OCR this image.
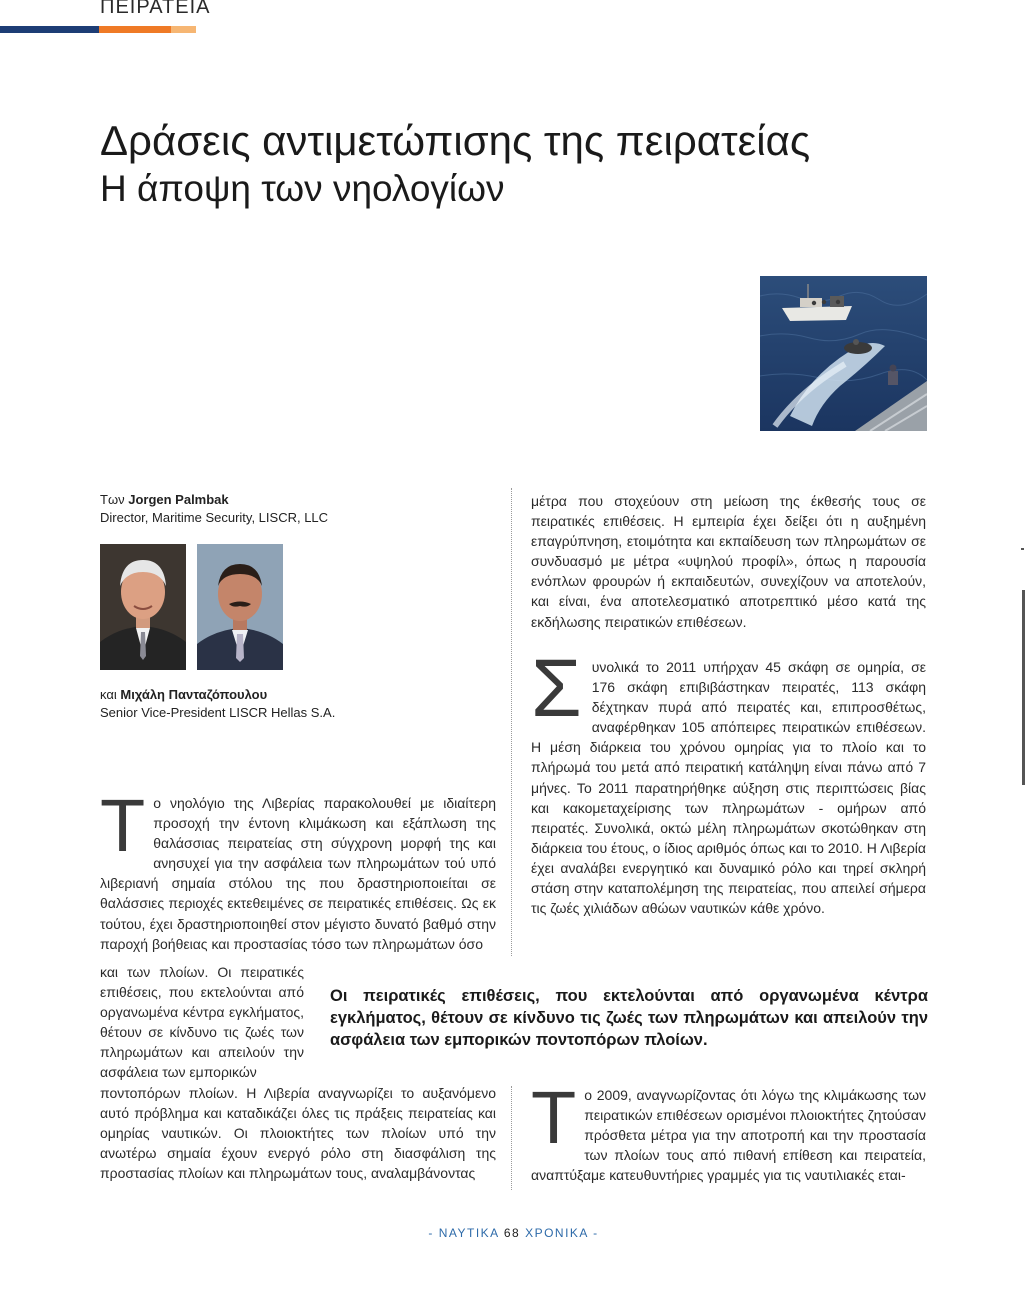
ΠΕΙΡΑΤΕΙΑ
Δράσεις αντιμετώπισης της πειρατείας
Η άποψη των νηολογίων
Των Jorgen Palmbak
Director, Maritime Security, LISCR, LLC
και Μιχάλη Πανταζόπουλου
Senior Vice-President LISCR Hellas S.A.

Το νηολόγιο της Λιβερίας παρακολουθεί με ιδιαίτερη προσοχή την έντονη κλιμάκωση και εξάπλωση της θαλάσσιας πειρατείας στη σύγχρονη μορφή της και ανησυχεί για την ασφάλεια των πληρωμάτων τού υπό λιβεριανή σημαία στόλου της που δραστηριοποιείται σε θαλάσσιες περιοχές εκτεθειμένες σε πειρατικές επιθέσεις. Ως εκ τούτου, έχει δραστηριοποιηθεί στον μέγιστο δυνατό βαθμό στην παροχή βοήθειας και προστασίας τόσο των πληρωμάτων όσο

και των πλοίων. Οι πειρατικές επιθέσεις, που εκτελούνται από οργανωμένα κέντρα εγκλήματος, θέτουν σε κίνδυνο τις ζωές των πληρωμάτων και απειλούν την ασφάλεια των εμπορικών
ποντοπόρων πλοίων. Η Λιβερία αναγνωρίζει το αυξανόμενο αυτό πρόβλημα και καταδικάζει όλες τις πράξεις πειρατείας και ομηρίας ναυτικών. Οι πλοιοκτήτες των πλοίων υπό την ανωτέρω σημαία έχουν ενεργό ρόλο στη διασφάλιση της προστασίας πλοίων και πληρωμάτων τους, αναλαμβάνοντας
Οι πειρατικές επιθέσεις, που εκτελούνται από οργανωμένα κέντρα εγκλήματος, θέτουν σε κίνδυνο τις ζωές των πληρωμάτων και απειλούν την ασφάλεια των εμπορικών ποντοπόρων πλοίων.

μέτρα που στοχεύουν στη μείωση της έκθεσής τους σε πειρατικές επιθέσεις. Η εμπειρία έχει δείξει ότι η αυξημένη επαγρύπνηση, ετοιμότητα και εκπαίδευση των πληρωμάτων σε συνδυασμό με μέτρα «υψηλού προφίλ», όπως η παρουσία ενόπλων φρουρών ή εκπαιδευτών, συνεχίζουν να αποτελούν, και είναι, ένα αποτελεσματικό αποτρεπτικό μέσο κατά της εκδήλωσης πειρατικών επιθέσεων.

Συνολικά το 2011 υπήρχαν 45 σκάφη σε ομηρία, σε 176 σκάφη επιβιβάστηκαν πειρατές, 113 σκάφη δέχτηκαν πυρά από πειρατές και, επιπροσθέτως, αναφέρθηκαν 105 απόπειρες πειρατικών επιθέσεων. Η μέση διάρκεια του χρόνου ομηρίας για το πλοίο και το πλήρωμά του μετά από πειρατική κατάληψη είναι πάνω από 7 μήνες. Το 2011 παρατηρήθηκε αύξηση στις περιπτώσεις βίας και κακομεταχείρισης των πληρωμάτων - ομήρων από πειρατές. Συνολικά, οκτώ μέλη πληρωμάτων σκοτώθηκαν στη διάρκεια του έτους, ο ίδιος αριθμός όπως και το 2010. Η Λιβερία έχει αναλάβει ενεργητικό και δυναμικό ρόλο και τηρεί σκληρή στάση στην καταπολέμηση της πειρατείας, που απειλεί σήμερα τις ζωές χιλιάδων αθώων ναυτικών κάθε χρόνο.

Το 2009, αναγνωρίζοντας ότι λόγω της κλιμάκωσης των πειρατικών επιθέσεων ορισμένοι πλοιοκτήτες ζητούσαν πρόσθετα μέτρα για την αποτροπή και την προστασία των πλοίων τους από πιθανή επίθεση και πειρατεία, αναπτύξαμε κατευθυντήριες γραμμές για τις ναυτιλιακές εται-

- ΝΑΥΤΙΚΑ 68 ΧΡΟΝΙΚΑ -
